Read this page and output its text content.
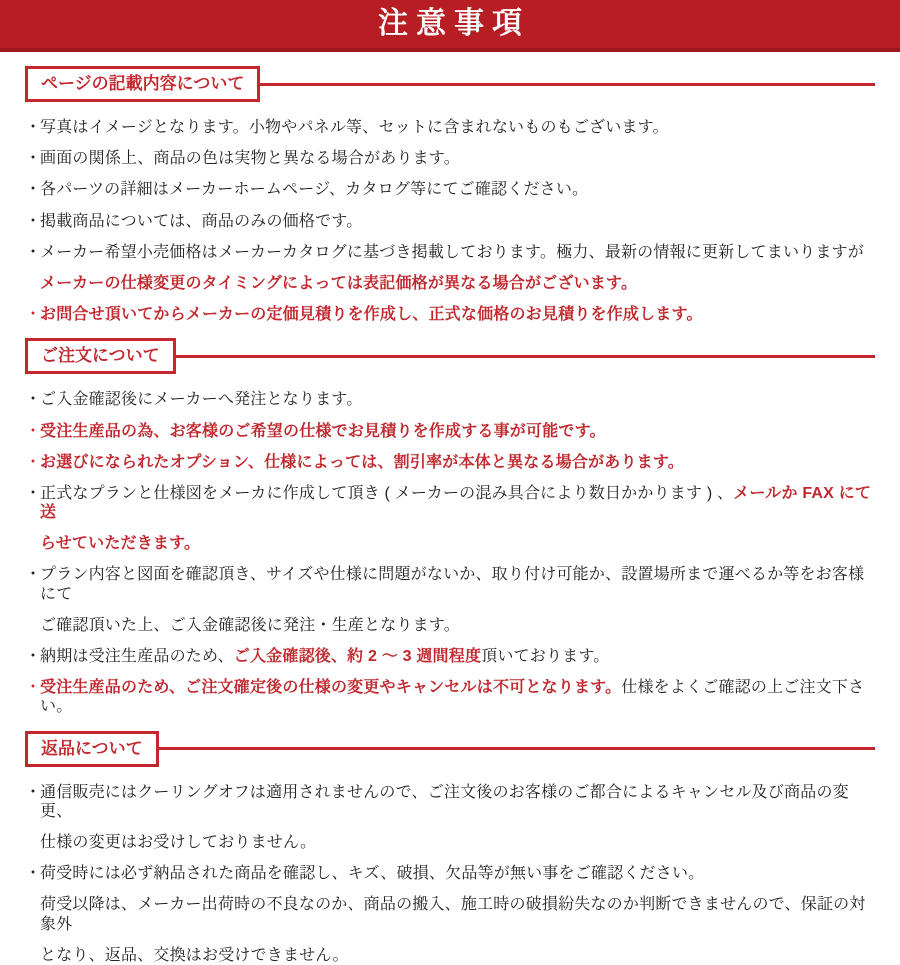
注意事項
ページの記載内容について
・
写真はイメージとなります。小物やパネル等、セットに含まれないものもございます。
・
画面の関係上、商品の色は実物と異なる場合があります。
・
各パーツの詳細はメーカーホームページ、カタログ等にてご確認ください。
・
掲載商品については、商品のみの価格です。
・
メーカー希望小売価格はメーカーカタログに基づき掲載しております。極力、最新の情報に更新してまいりますが
メーカーの仕様変更のタイミングによっては表記価格が異なる場合がございます。
・
お問合せ頂いてからメーカーの定価見積りを作成し、正式な価格のお見積りを作成します。
ご注文について
・
ご入金確認後にメーカーへ発注となります。
・
受注生産品の為、お客様のご希望の仕様でお見積りを作成する事が可能です。
・
お選びになられたオプション、仕様によっては、割引率が本体と異なる場合があります。
・
正式なプランと仕様図をメーカに作成して頂き ( メーカーの混み具合により数日かかります ) 、メールか FAX にて送
らせていただきます。
・
プラン内容と図面を確認頂き、サイズや仕様に問題がないか、取り付け可能か、設置場所まで運べるか等をお客様にて
ご確認頂いた上、ご入金確認後に発注・生産となります。
・
納期は受注生産品のため、ご入金確認後、約 2 ～ 3 週間程度頂いております。
・
受注生産品のため、ご注文確定後の仕様の変更やキャンセルは不可となります。仕様をよくご確認の上ご注文下さい。
返品について
・
通信販売にはクーリングオフは適用されませんので、ご注文後のお客様のご都合によるキャンセル及び商品の変更、
仕様の変更はお受けしておりません。
・
荷受時には必ず納品された商品を確認し、キズ、破損、欠品等が無い事をご確認ください。
荷受以降は、メーカー出荷時の不良なのか、商品の搬入、施工時の破損紛失なのか判断できませんので、保証の対象外
となり、返品、交換はお受けできません。
